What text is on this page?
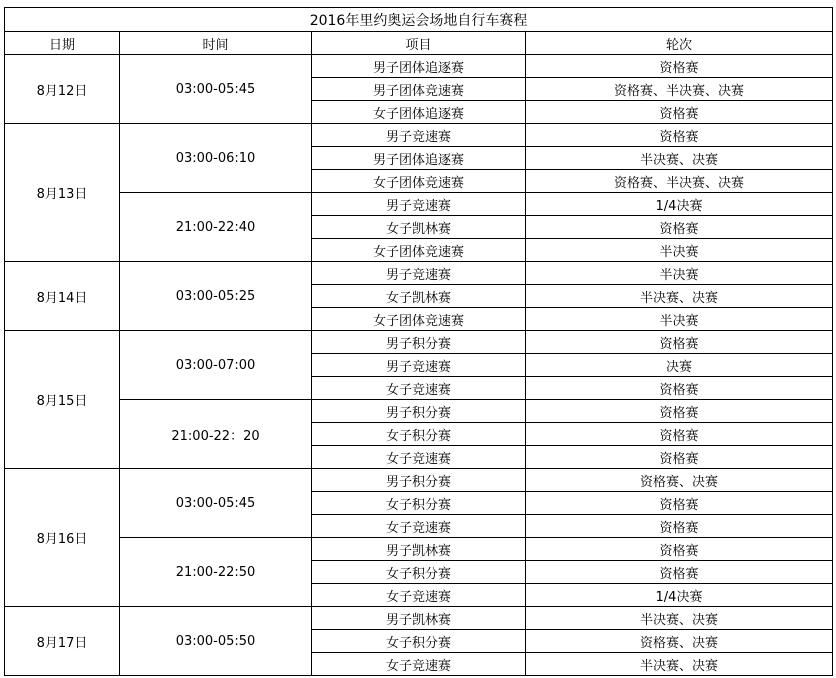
2016年里约奥运会场地自行车赛程			
日期	时间	项目	轮次
8月12日	03:00-05:45	男子团体追逐赛	资格赛
		男子团体竞速赛	资格赛、半决赛、决赛
		女子团体追逐赛	资格赛
8月13日	03:00-06:10	男子竞速赛	资格赛
		男子团体追逐赛	半决赛、决赛
		女子团体竞速赛	资格赛、半决赛、决赛
	21:00-22:40	男子竞速赛	1/4决赛
		女子凯林赛	资格赛
		女子团体竞速赛	半决赛
8月14日	03:00-05:25	男子竞速赛	半决赛
		女子凯林赛	半决赛、决赛
		女子团体竞速赛	半决赛
8月15日	03:00-07:00	男子积分赛	资格赛
		男子竞速赛	决赛
		女子竞速赛	资格赛
	21:00-22：20	男子积分赛	资格赛
		女子积分赛	资格赛
		女子竞速赛	资格赛
8月16日	03:00-05:45	男子积分赛	资格赛、决赛
		女子积分赛	资格赛
		女子竞速赛	资格赛
	21:00-22:50	男子凯林赛	资格赛
		女子积分赛	资格赛
		女子竞速赛	1/4决赛
8月17日	03:00-05:50	男子凯林赛	半决赛、决赛
		女子积分赛	资格赛、决赛
		女子竞速赛	半决赛、决赛
